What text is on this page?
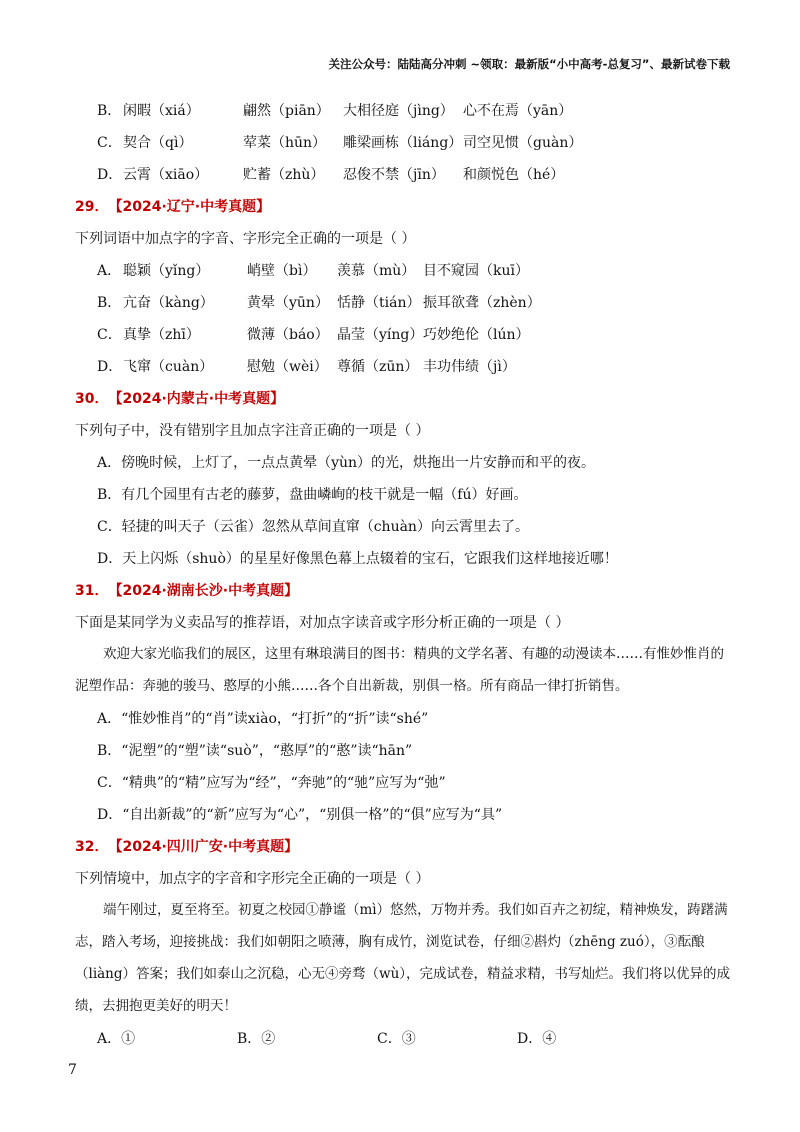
关注公众号：陆陆高分冲刺 ~领取：最新版“小中高考-总复习”、最新试卷下载
B． 闲暇（xiá）	翩然（piān） 大相径庭（jìng） 心不在焉（yān）
C． 契合（qì）	荤菜（hūn）	雕梁画栋（liáng） 司空见惯（guàn）
D． 云霄（xiāo）	贮蓄（zhù）	忍俊不禁（jīn）	和颜悦色（hé）
29． 【2024·辽宁·中考真题】
下列词语中加点字的字音、字形完全正确的一项是（ ）
A． 聪颖（yǐng）	峭壁（bì）	羡慕（mù） 目不窥园（kuī）
B． 亢奋（kàng）	黄晕（yūn） 恬静（tián） 振耳欲聋（zhèn）
C． 真挚（zhī）	微薄（báo） 晶莹（yíng） 巧妙绝伦（lún）
D． 飞窜（cuàn）	慰勉（wèi） 尊循（zūn） 丰功伟绩（jì）
30． 【2024·内蒙古·中考真题】
下列句子中，没有错别字且加点字注音正确的一项是（ ）
A．傍晚时候，上灯了，一点点黄晕（yùn）的光，烘拖出一片安静而和平的夜。
B．有几个园里有古老的藤萝，盘曲嶙峋的枝干就是一幅（fú）好画。
C．轻捷的叫天子（云雀）忽然从草间直窜（chuàn）向云霄里去了。
D．天上闪烁（shuò）的星星好像黑色幕上点辍着的宝石，它跟我们这样地接近哪！
31． 【2024·湖南长沙·中考真题】
下面是某同学为义卖品写的推荐语，对加点字读音或字形分析正确的一项是（ ）

欢迎大家光临我们的展区，这里有琳琅满目的图书：精典的文学名著、有趣的动漫读本……有惟妙惟肖的泥塑作品：奔驰的骏马、憨厚的小熊……各个自出新裁，别俱一格。所有商品一律打折销售。

A．“惟妙惟肖”的“肖”读xiào，“打折”的“折”读“shé”
B．“泥塑”的“塑”读“suò”，“憨厚”的“憨”读“hān”
C．“精典”的“精”应写为“经”，“奔驰”的“驰”应写为“弛”
D．“自出新裁”的“新”应写为“心”，“别俱一格”的“俱”应写为“具”
32． 【2024·四川广安·中考真题】
下列情境中，加点字的字音和字形完全正确的一项是（ ）

端午刚过，夏至将至。初夏之校园①静谧（mì）悠然，万物并秀。我们如百卉之初绽，精神焕发，踌躇满志，踏入考场，迎接挑战：我们如朝阳之喷薄，胸有成竹，浏览试卷，仔细②斟灼（zhēng zuó），③酝酿（liàng）答案；我们如泰山之沉稳，心无④旁骛（wù），完成试卷，精益求精，书写灿烂。我们将以优异的成绩，去拥抱更美好的明天！

A．①	B．②	C．③	D．④
7
